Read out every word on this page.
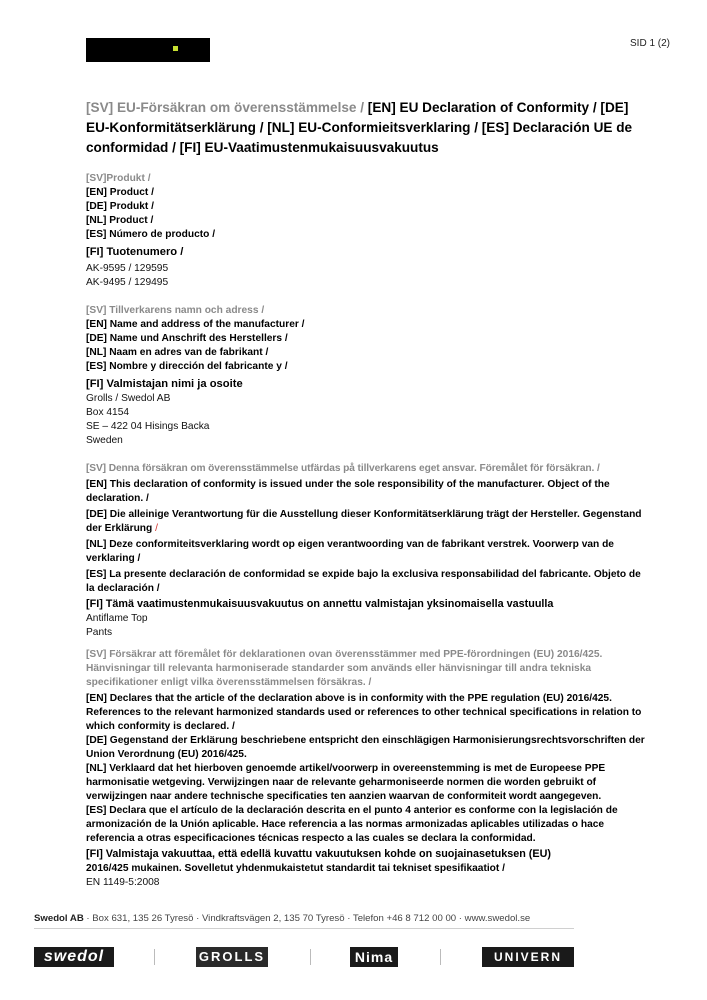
SID 1 (2)
[SV] EU-Försäkran om överensstämmelse / [EN] EU Declaration of Conformity / [DE] EU-Konformitätserklärung / [NL] EU-Conformieitsverklaring / [ES] Declaración UE de conformidad / [FI] EU-Vaatimustenmukaisuusvakuutus
[SV]Produkt /
[EN] Product /
[DE] Produkt /
[NL] Product /
[ES] Número de producto /
[FI] Tuotenumero /
AK-9595 / 129595
AK-9495 / 129495
[SV] Tillverkarens namn och adress /
[EN] Name and address of the manufacturer /
[DE] Name und Anschrift des Herstellers /
[NL] Naam en adres van de fabrikant /
[ES] Nombre y dirección del fabricante y /
[FI] Valmistajan nimi ja osoite
Grolls / Swedol AB
Box 4154
SE – 422 04 Hisings Backa
Sweden
[SV] Denna försäkran om överensstämmelse utfärdas på tillverkarens eget ansvar. Föremålet för försäkran. /
[EN] This declaration of conformity is issued under the sole responsibility of the manufacturer. Object of the declaration. /
[DE] Die alleinige Verantwortung für die Ausstellung dieser Konformitätserklärung trägt der Hersteller. Gegenstand der Erklärung /
[NL] Deze conformiteitsverklaring wordt op eigen verantwoording van de fabrikant verstrek. Voorwerp van de verklaring /
[ES] La presente declaración de conformidad se expide bajo la exclusiva responsabilidad del fabricante. Objeto de la declaración /
[FI] Tämä vaatimustenmukaisuusvakuutus on annettu valmistajan yksinomaisella vastuulla
Antiflame Top
Pants
[SV] Försäkrar att föremålet för deklarationen ovan överensstämmer med PPE-förordningen (EU) 2016/425. Hänvisningar till relevanta harmoniserade standarder som används eller hänvisningar till andra tekniska specifikationer enligt vilka överensstämmelsen försäkras. /
[EN] Declares that the article of the declaration above is in conformity with the PPE regulation (EU) 2016/425. References to the relevant harmonized standards used or references to other technical specifications in relation to which conformity is declared. /
[DE] Gegenstand der Erklärung beschriebene entspricht den einschlägigen Harmonisierungsrechtsvorschriften der Union Verordnung (EU) 2016/425.
[NL] Verklaard dat het hierboven genoemde artikel/voorwerp in overeenstemming is met de Europeese PPE harmonisatie wetgeving. Verwijzingen naar de relevante geharmoniseerde normen die worden gebruikt of verwijzingen naar andere technische specificaties ten aanzien waarvan de conformiteit wordt aangegeven.
[ES] Declara que el artículo de la declaración descrita en el punto 4 anterior es conforme con la legislación de armonización de la Unión aplicable. Hace referencia a las normas armonizadas aplicables utilizadas o hace referencia a otras especificaciones técnicas respecto a las cuales se declara la conformidad.
[FI] Valmistaja vakuuttaa, että edellä kuvattu vakuutuksen kohde on suojainasetuksen (EU)
2016/425 mukainen. Sovelletut yhdenmukaistetut standardit tai tekniset spesifikaatiot /
EN 1149-5:2008
Swedol AB · Box 631, 135 26 Tyresö · Vindkraftsvägen 2, 135 70 Tyresö · Telefon +46 8 712 00 00 · www.swedol.se
swedol	GROLLS	Nima	UNIVERN
